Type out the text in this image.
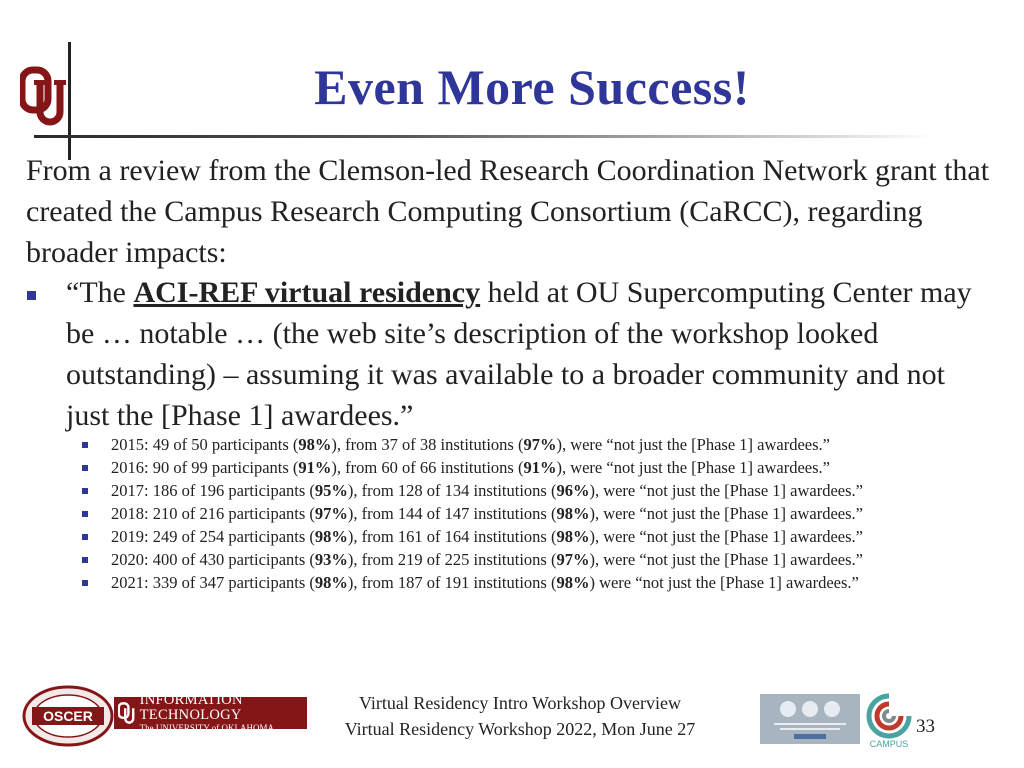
Even More Success!
From a review from the Clemson-led Research Coordination Network grant that created the Campus Research Computing Consortium (CaRCC), regarding broader impacts:
“The ACI-REF virtual residency held at OU Supercomputing Center may be … notable … (the web site’s description of the workshop looked outstanding) – assuming it was available to a broader community and not just the [Phase 1] awardees.”
2015: 49 of 50 participants (98%), from 37 of 38 institutions (97%), were “not just the [Phase 1] awardees.”
2016: 90 of 99 participants (91%), from 60 of 66 institutions (91%), were “not just the [Phase 1] awardees.”
2017: 186 of 196 participants (95%), from 128 of 134 institutions (96%), were “not just the [Phase 1] awardees.”
2018: 210 of 216 participants (97%), from 144 of 147 institutions (98%), were “not just the [Phase 1] awardees.”
2019: 249 of 254 participants (98%), from 161 of 164 institutions (98%), were “not just the [Phase 1] awardees.”
2020: 400 of 430 participants (93%), from 219 of 225 institutions (97%), were “not just the [Phase 1] awardees.”
2021: 339 of 347 participants (98%), from 187 of 191 institutions (98%) were “not just the [Phase 1] awardees.”
OSCER
INFORMATION TECHNOLOGY
The UNIVERSITY of OKLAHOMA
Virtual Residency Intro Workshop Overview
Virtual Residency Workshop 2022, Mon June 27
CAMPUS
33
